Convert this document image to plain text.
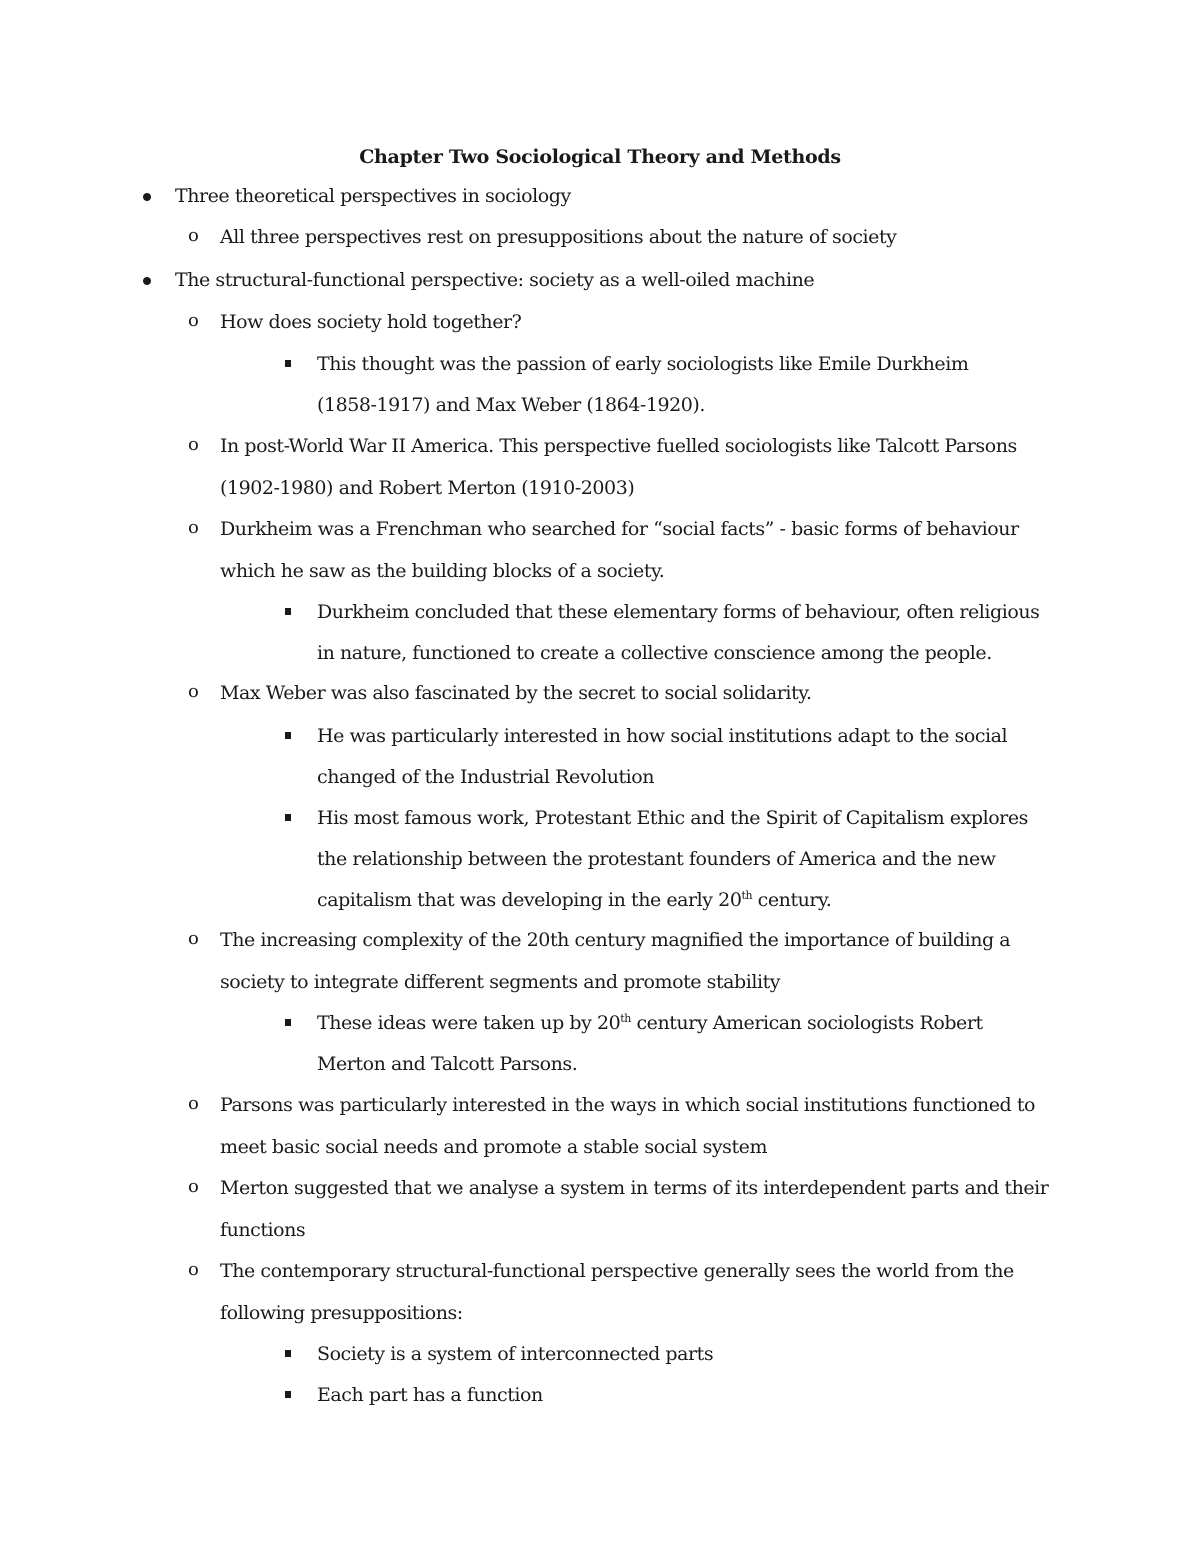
Chapter Two Sociological Theory and Methods
Three theoretical perspectives in sociology
o All three perspectives rest on presuppositions about the nature of society
The structural-functional perspective: society as a well-oiled machine
o How does society hold together?
This thought was the passion of early sociologists like Emile Durkheim
(1858-1917) and Max Weber (1864-1920).
o In post-World War II America. This perspective fuelled sociologists like Talcott Parsons
(1902-1980) and Robert Merton (1910-2003)
o Durkheim was a Frenchman who searched for “social facts” - basic forms of behaviour
which he saw as the building blocks of a society.
Durkheim concluded that these elementary forms of behaviour, often religious
in nature, functioned to create a collective conscience among the people.
o Max Weber was also fascinated by the secret to social solidarity.
He was particularly interested in how social institutions adapt to the social
changed of the Industrial Revolution
His most famous work, Protestant Ethic and the Spirit of Capitalism explores
the relationship between the protestant founders of America and the new
capitalism that was developing in the early 20th century.
o The increasing complexity of the 20th century magnified the importance of building a
society to integrate different segments and promote stability
These ideas were taken up by 20th century American sociologists Robert
Merton and Talcott Parsons.
o Parsons was particularly interested in the ways in which social institutions functioned to
meet basic social needs and promote a stable social system
o Merton suggested that we analyse a system in terms of its interdependent parts and their
functions
o The contemporary structural-functional perspective generally sees the world from the
following presuppositions:
Society is a system of interconnected parts
Each part has a function
